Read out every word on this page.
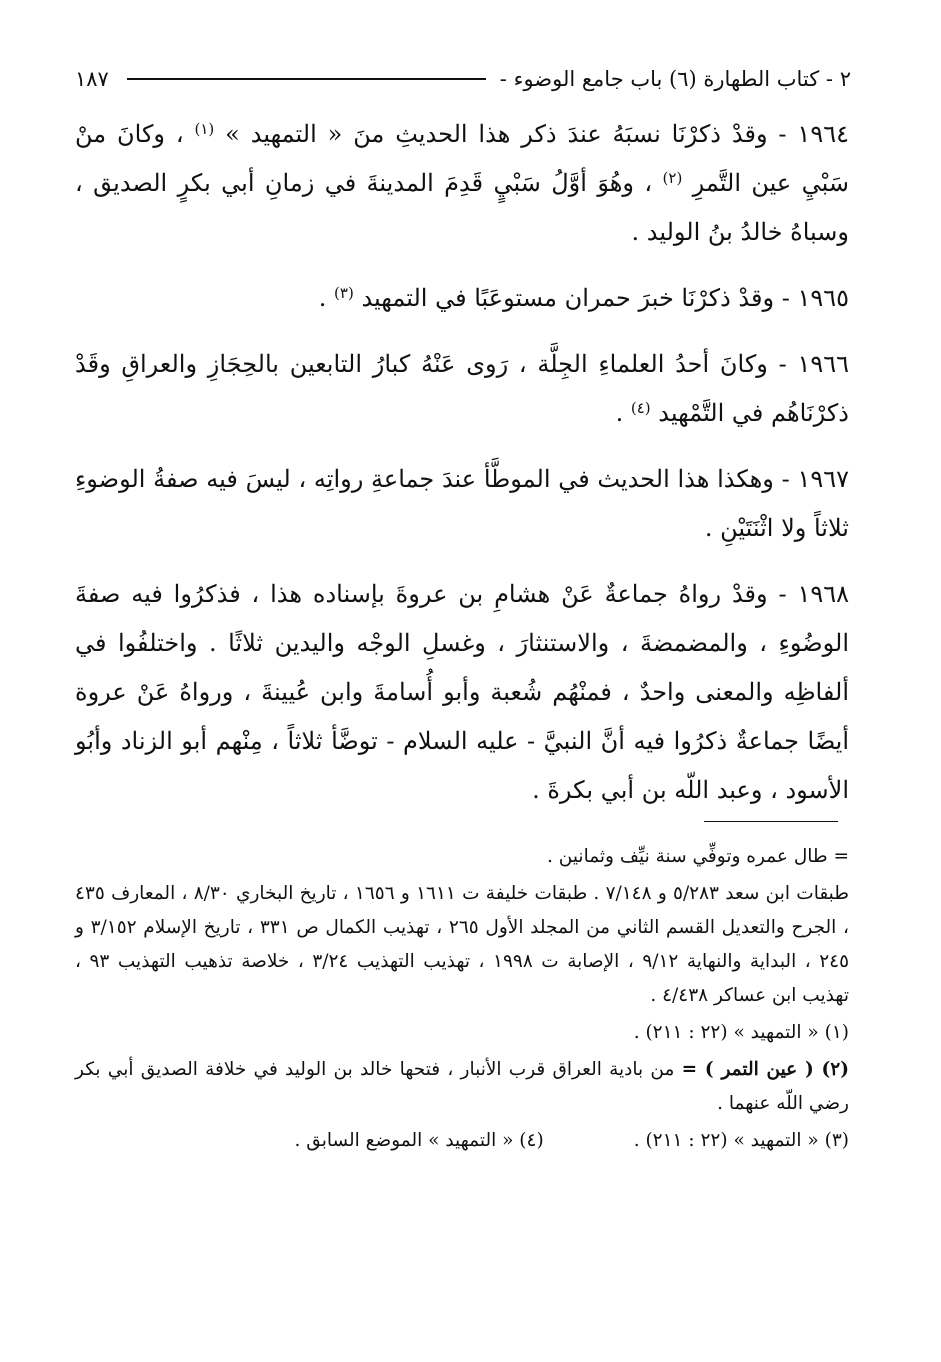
١٨٧	٢ - كتاب الطهارة (٦) باب جامع الوضوء -

١٩٦٤ - وقدْ ذكرْنَا نسبَهُ عندَ ذكر هذا الحديثِ منَ « التمهيد » $^{(١)}$ ، وكانَ منْ سَبْيِ عين التَّمرِ $^{(٢)}$ ، وهُوَ أوَّلُ سَبْيٍ قَدِمَ المدينةَ في زمانِ أبي بكرٍ الصديق ، وسباهُ خالدُ بنُ الوليد .

١٩٦٥ - وقدْ ذكرْنَا خبرَ حمران مستوعَبًا في التمهيد $^{(٣)}$ .

١٩٦٦ - وكانَ أحدُ العلماءِ الجِلَّة ، رَوى عَنْهُ كبارُ التابعين بالحِجَازِ والعراقِ وقَدْ ذكرْنَاهُم في التَّمْهيد $^{(٤)}$ .

١٩٦٧ - وهكذا هذا الحديث في الموطَّأ عندَ جماعةِ رواتِه ، ليسَ فيه صفةُ الوضوءِ ثلاثاً ولا اثْنَتَيْنِ .

١٩٦٨ - وقدْ رواهُ جماعةٌ عَنْ هشامِ بن عروةَ بإسناده هذا ، فذكرُوا فيه صفةَ الوضُوءِ ، والمضمضةَ ، والاستنثارَ ، وغسلِ الوجْه واليدين ثلاثًا . واختلفُوا في ألفاظِه والمعنى واحدٌ ، فمنْهُم شُعبة وأبو أُسامةَ وابن عُيينةَ ، ورواهُ عَنْ عروة أيضًا جماعةٌ ذكرُوا فيه أنَّ النبيَّ - عليه السلام - توضَّأ ثلاثاً ، مِنْهم أبو الزناد وأبُو الأسود ، وعبد اللّه بن أبي بكرةَ .

= طال عمره وتوفِّي سنة نيِّف وثمانين .

طبقات ابن سعد ٥/٢٨٣ و ٧/١٤٨ . طبقات خليفة ت ١٦١١ و ١٦٥٦ ، تاريخ البخاري ٨/٣٠ ، المعارف ٤٣٥ ، الجرح والتعديل القسم الثاني من المجلد الأول ٢٦٥ ، تهذيب الكمال ص ٣٣١ ، تاريخ الإسلام ٣/١٥٢ و ٢٤٥ ، البداية والنهاية ٩/١٢ ، الإصابة ت ١٩٩٨ ، تهذيب التهذيب ٣/٢٤ ، خلاصة تذهيب التهذيب ٩٣ ، تهذيب ابن عساكر ٤/٤٣٨ .

(١) « التمهيد » (٢٢ : ٢١١) .

(٢) ( عين التمر ) = من بادية العراق قرب الأنبار ، فتحها خالد بن الوليد في خلافة الصديق أبي بكر رضي اللّه عنهما .

(٣) « التمهيد » (٢٢ : ٢١١) .
(٤) « التمهيد » الموضع السابق .
